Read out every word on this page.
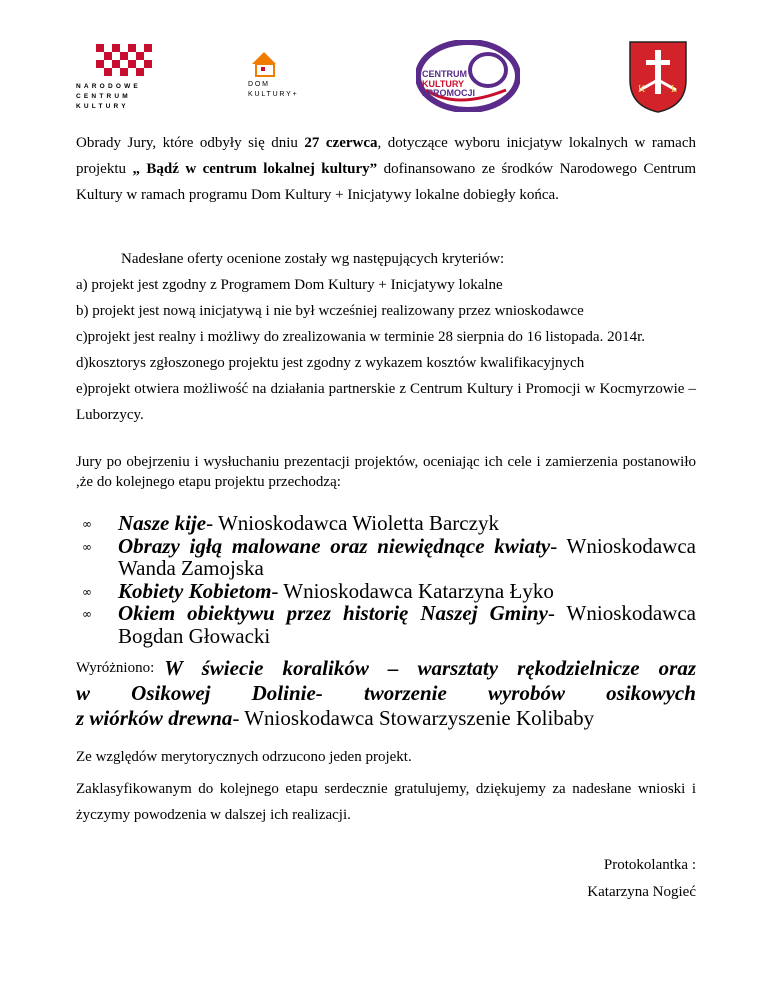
NARODOWE
CENTRUM
KULTURY
DOM
KULTURY+
CENTRUM
KULTURY
I PROMOCJI	K	L
Obrady Jury, które odbyły się dniu 27 czerwca, dotyczące wyboru inicjatyw lokalnych w ramach projektu „ Bądź w centrum lokalnej kultury” dofinansowano ze środków Narodowego Centrum Kultury w ramach programu Dom Kultury + Inicjatywy lokalne dobiegły końca.
Nadesłane oferty ocenione zostały wg następujących kryteriów:
a) projekt jest zgodny z Programem Dom Kultury + Inicjatywy lokalne
b) projekt jest nową inicjatywą i nie był wcześniej realizowany przez wnioskodawce
c)projekt jest realny i możliwy do zrealizowania w terminie 28 sierpnia do 16 listopada. 2014r.
d)kosztorys zgłoszonego projektu jest zgodny z wykazem kosztów kwalifikacyjnych
e)projekt otwiera możliwość na działania partnerskie z Centrum Kultury i Promocji w Kocmyrzowie – Luborzycy.
Jury po obejrzeniu i wysłuchaniu prezentacji projektów, oceniając ich cele i zamierzenia postanowiło ,że do kolejnego etapu projektu przechodzą:
∞ Nasze kije- Wnioskodawca Wioletta Barczyk
∞ Obrazy igłą malowane oraz niewiędnące kwiaty- Wnioskodawca Wanda Zamojska
∞ Kobiety Kobietom- Wnioskodawca Katarzyna Łyko
∞ Okiem obiektywu przez historię Naszej Gminy- Wnioskodawca Bogdan Głowacki
Wyróżniono: W świecie koralików – warsztaty rękodzielnicze oraz
w Osikowej Dolinie- tworzenie wyrobów osikowych
z wiórków drewna- Wnioskodawca Stowarzyszenie Kolibaby
Ze względów merytorycznych odrzucono jeden projekt.
Zaklasyfikowanym do kolejnego etapu serdecznie gratulujemy, dziękujemy za nadesłane wnioski i życzymy powodzenia w dalszej ich realizacji.
Protokolantka :
Katarzyna Nogieć
